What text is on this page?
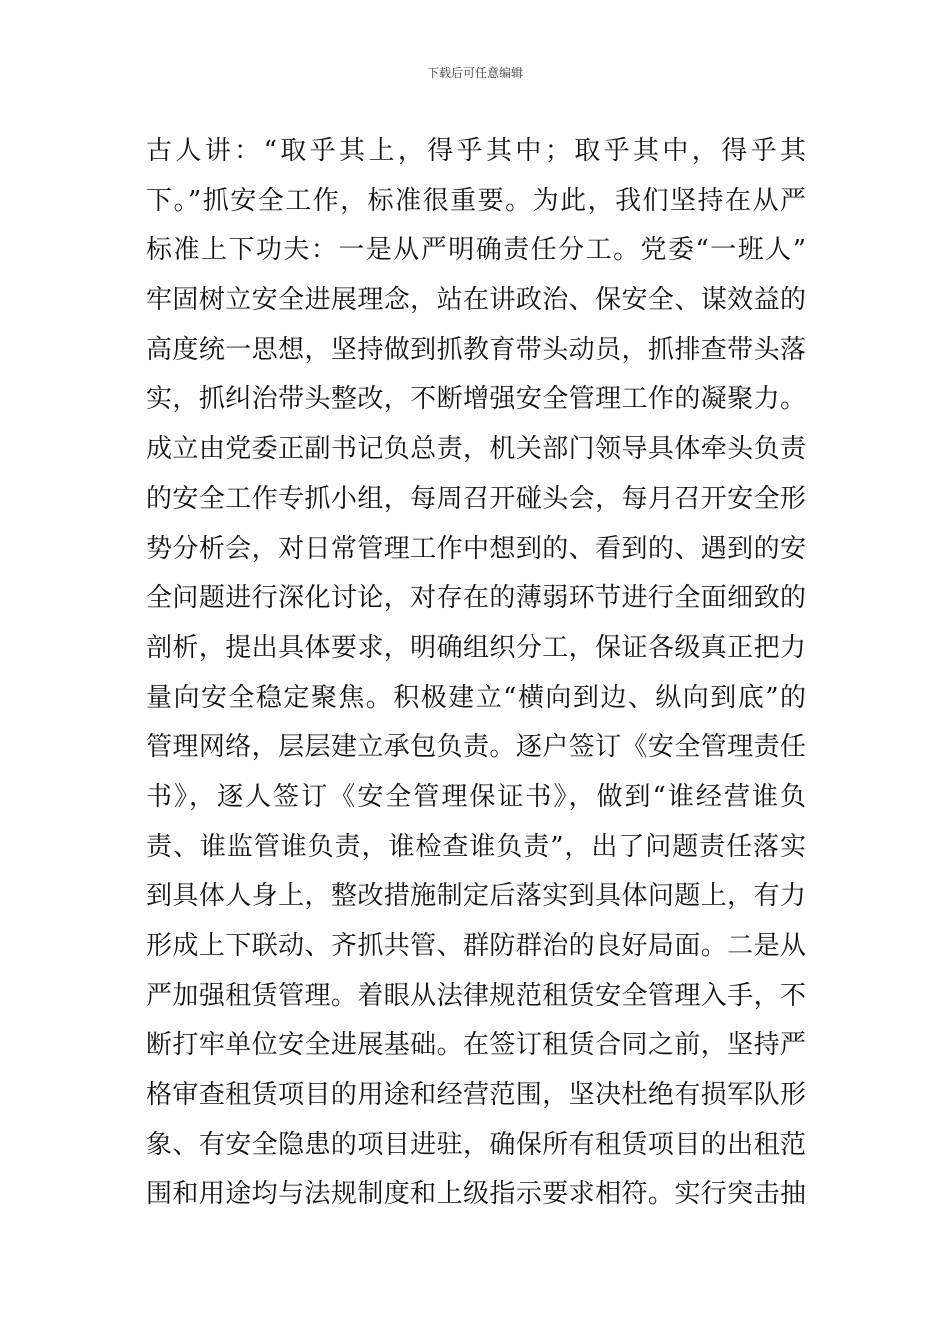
下载后可任意编辑
古人讲：“取乎其上，得乎其中；取乎其中，得乎其
下。”抓安全工作，标准很重要。为此，我们坚持在从严
标准上下功夫：一是从严明确责任分工。党委“一班人”
牢固树立安全进展理念，站在讲政治、保安全、谋效益的
高度统一思想，坚持做到抓教育带头动员，抓排查带头落
实，抓纠治带头整改，不断增强安全管理工作的凝聚力。
成立由党委正副书记负总责，机关部门领导具体牵头负责
的安全工作专抓小组，每周召开碰头会，每月召开安全形
势分析会，对日常管理工作中想到的、看到的、遇到的安
全问题进行深化讨论，对存在的薄弱环节进行全面细致的
剖析，提出具体要求，明确组织分工，保证各级真正把力
量向安全稳定聚焦。积极建立“横向到边、纵向到底”的
管理网络，层层建立承包负责。逐户签订《安全管理责任
书》，逐人签订《安全管理保证书》，做到“谁经营谁负
责、谁监管谁负责，谁检查谁负责”，出了问题责任落实
到具体人身上，整改措施制定后落实到具体问题上，有力
形成上下联动、齐抓共管、群防群治的良好局面。二是从
严加强租赁管理。着眼从法律规范租赁安全管理入手，不
断打牢单位安全进展基础。在签订租赁合同之前，坚持严
格审查租赁项目的用途和经营范围，坚决杜绝有损军队形
象、有安全隐患的项目进驻，确保所有租赁项目的出租范
围和用途均与法规制度和上级指示要求相符。实行突击抽
